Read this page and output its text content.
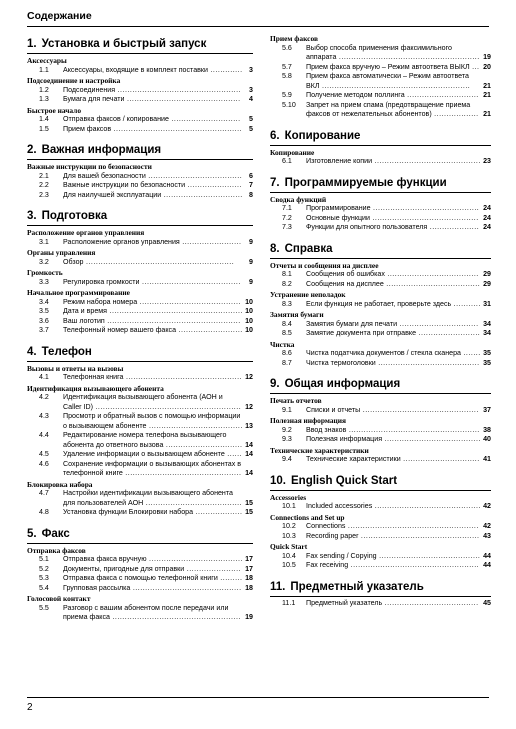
Содержание
1. Установка и быстрый запуск
Аксессуары
1.1 Аксессуары, входящие в комплект поставки ............. 3
Подсоединение и настройка
1.2 Подсоединения .................................................. 3
1.3 Бумага для печати .............................................. 4
Быстрое начало
1.4 Отправка факсов / копирование ............................ 5
1.5 Прием факсов .................................................... 5
2. Важная информация
Важные инструкции по безопасности
2.1 Для вашей безопасности ...................................... 6
2.2 Важные инструкции по безопасности ...................... 7
2.3 Для наилучшей эксплуатации ................................ 8
3. Подготовка
Расположение органов управления
3.1 Расположение органов управления ........................ 9
Органы управления
3.2 Обзор ............................................................ 9
Громкость
3.3 Регулировка громкости ........................................ 9
Начальное программирование
3.4 Режим набора номера ......................................... 10
3.5 Дата и время ...................................................... 10
3.6 Ваш логотип ...................................................... 10
3.7 Телефонный номер вашего факса .......................... 10
4. Телефон
Вызовы и ответы на вызовы
4.1 Телефонная книга ............................................... 12
Идентификация вызывающего абонента
4.2 Идентификация вызывающего абонента (АОН и Caller ID) ........................................................... 12
4.3 Просмотр и обратный вызов с помощью информации о вызывающем абоненте ...................................... 13
4.4 Редактирование номера телефона вызывающего абонента до ответного вызова ............................... 14
4.5 Удаление информации о вызывающем абоненте ...... 14
4.6 Сохранение информации о вызывающих абонентах в телефонной книге ............................................... 14
Блокировка набора
4.7 Настройки идентификации вызывающего абонента для пользователей АОН ....................................... 15
4.8 Установка функции Блокировки набора ................... 15
5. Факс
Отправка факсов
5.1 Отправка факса вручную ...................................... 17
5.2 Документы, пригодные для отправки ...................... 17
5.3 Отправка факса с помощью телефонной книги ......... 18
5.4 Групповая рассылка ............................................ 18
Голосовой контакт
5.5 Разговор с вашим абонентом после передачи или приема факса .................................................... 19
Прием факсов
5.6 Выбор способа применения факсимильного аппарата ......................................................... 19
5.7 Прием факса вручную – Режим автоответа ВЫКЛ ... 20
5.8 Прием факса автоматически – Режим автоответа ВКЛ ............................................................ 21
5.9 Получение методом поллинга ............................. 21
5.10 Запрет на прием спама (предотвращение приема факсов от нежелательных абонентов) .................. 21
6. Копирование
Копирование
6.1 Изготовление копии ........................................... 23
7. Программируемые функции
Сводка функций
7.1 Программирование ........................................... 24
7.2 Основные функции ........................................... 24
7.3 Функции для опытного пользователя .................... 24
8. Справка
Отчеты и сообщения на дисплее
8.1 Сообщения об ошибках ..................................... 29
8.2 Сообщения на дисплее ...................................... 29
Устранение неполадок
8.3 Если функция не работает, проверьте здесь ........... 31
Замятия бумаги
8.4 Замятия бумаги для печати ................................ 34
8.5 Замятие документа при отправке ......................... 34
Чистка
8.6 Чистка податчика документов / стекла сканера ....... 35
8.7 Чистка термоголовки ......................................... 35
9. Общая информация
Печать отчетов
9.1 Списки и отчеты ............................................... 37
Полезная информация
9.2 Ввод знаков ..................................................... 38
9.3 Полезная информация ....................................... 40
Технические характеристики
9.4 Технические характеристики ............................... 41
10. English Quick Start
Accessories
10.1 Included accessories ........................................... 42
Connections and Set up
10.2 Connections ..................................................... 42
10.3 Recording paper ................................................ 43
Quick Start
10.4 Fax sending / Copying ......................................... 44
10.5 Fax receiving .................................................... 44
11. Предметный указатель
11.1 Предметный указатель ...................................... 45
2
